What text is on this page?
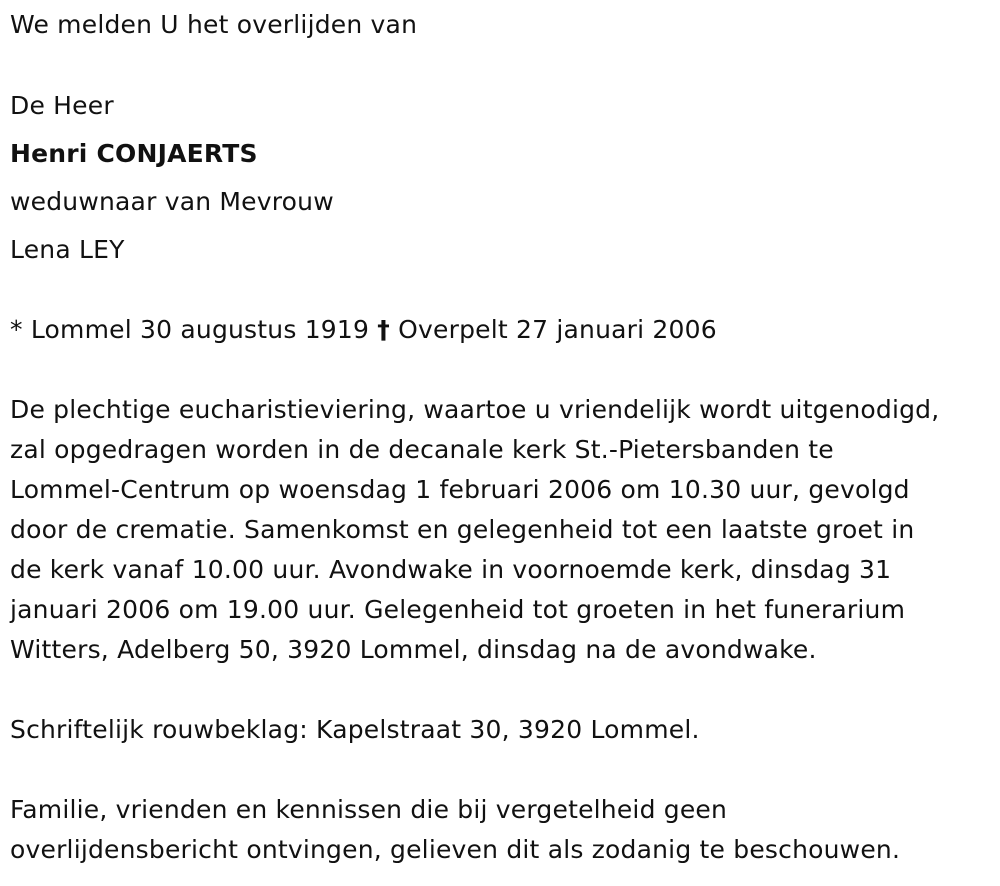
We melden U het overlijden van
De Heer
Henri CONJAERTS
weduwnaar van Mevrouw
Lena LEY
* Lommel 30 augustus 1919 † Overpelt 27 januari 2006
De plechtige eucharistieviering, waartoe u vriendelijk wordt uitgenodigd,
zal opgedragen worden in de decanale kerk St.-Pietersbanden te
Lommel-Centrum op woensdag 1 februari 2006 om 10.30 uur, gevolgd
door de crematie. Samenkomst en gelegenheid tot een laatste groet in
de kerk vanaf 10.00 uur. Avondwake in voornoemde kerk, dinsdag 31
januari 2006 om 19.00 uur. Gelegenheid tot groeten in het funerarium
Witters, Adelberg 50, 3920 Lommel, dinsdag na de avondwake.
Schriftelijk rouwbeklag: Kapelstraat 30, 3920 Lommel.
Familie, vrienden en kennissen die bij vergetelheid geen
overlijdensbericht ontvingen, gelieven dit als zodanig te beschouwen.
